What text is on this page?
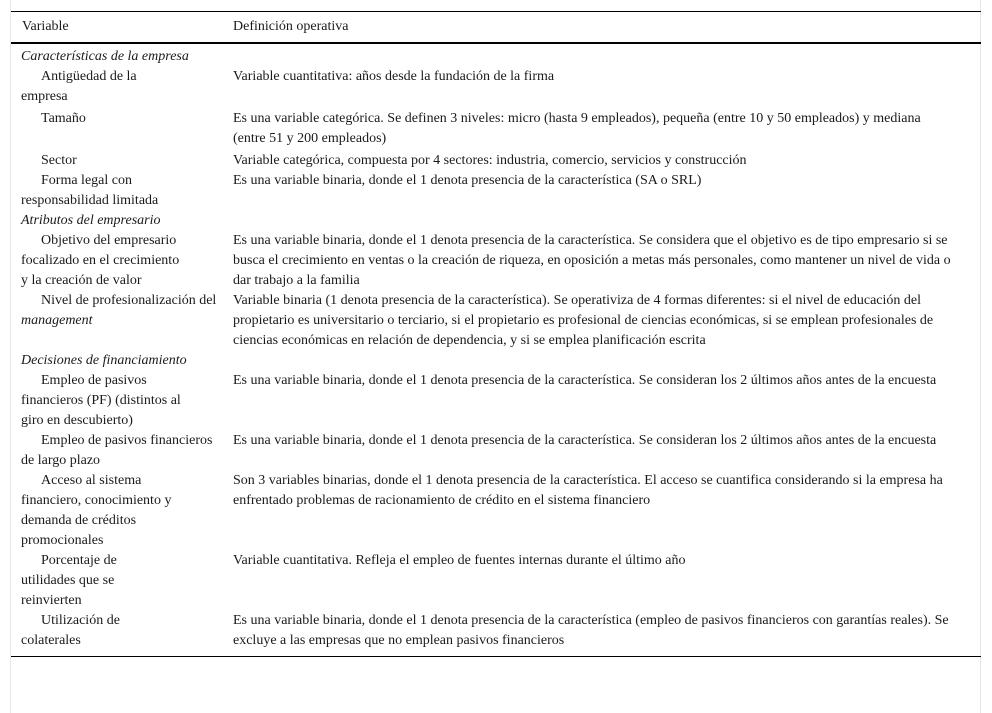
Variable	Definición operativa
Características de la empresa	

Antigüedad de la empresa	Variable cuantitativa: años desde la fundación de la firma

Tamaño	Es una variable categórica. Se definen 3 niveles: micro (hasta 9 empleados), pequeña (entre 10 y 50 empleados) y mediana (entre 51 y 200 empleados)

Sector	Variable categórica, compuesta por 4 sectores: industria, comercio, servicios y construcción

Forma legal con responsabilidad limitada	Es una variable binaria, donde el 1 denota presencia de la característica (SA o SRL)
Atributos del empresario	

Objetivo del empresario focalizado en el crecimiento y la creación de valor	Es una variable binaria, donde el 1 denota presencia de la característica. Se considera que el objetivo es de tipo empresario si se busca el crecimiento en ventas o la creación de riqueza, en oposición a metas más personales, como mantener un nivel de vida o dar trabajo a la familia

Nivel de profesionalización del management	Variable binaria (1 denota presencia de la característica). Se operativiza de 4 formas diferentes: si el nivel de educación del propietario es universitario o terciario, si el propietario es profesional de ciencias económicas, si se emplean profesionales de ciencias económicas en relación de dependencia, y si se emplea planificación escrita
Decisiones de financiamiento	

Empleo de pasivos financieros (PF) (distintos al giro en descubierto)	Es una variable binaria, donde el 1 denota presencia de la característica. Se consideran los 2 últimos años antes de la encuesta

Empleo de pasivos financieros de largo plazo	Es una variable binaria, donde el 1 denota presencia de la característica. Se consideran los 2 últimos años antes de la encuesta

Acceso al sistema financiero, conocimiento y demanda de créditos promocionales	Son 3 variables binarias, donde el 1 denota presencia de la característica. El acceso se cuantifica considerando si la empresa ha enfrentado problemas de racionamiento de crédito en el sistema financiero

Porcentaje de utilidades que se reinvierten	Variable cuantitativa. Refleja el empleo de fuentes internas durante el último año

Utilización de colaterales	Es una variable binaria, donde el 1 denota presencia de la característica (empleo de pasivos financieros con garantías reales). Se excluye a las empresas que no emplean pasivos financieros
